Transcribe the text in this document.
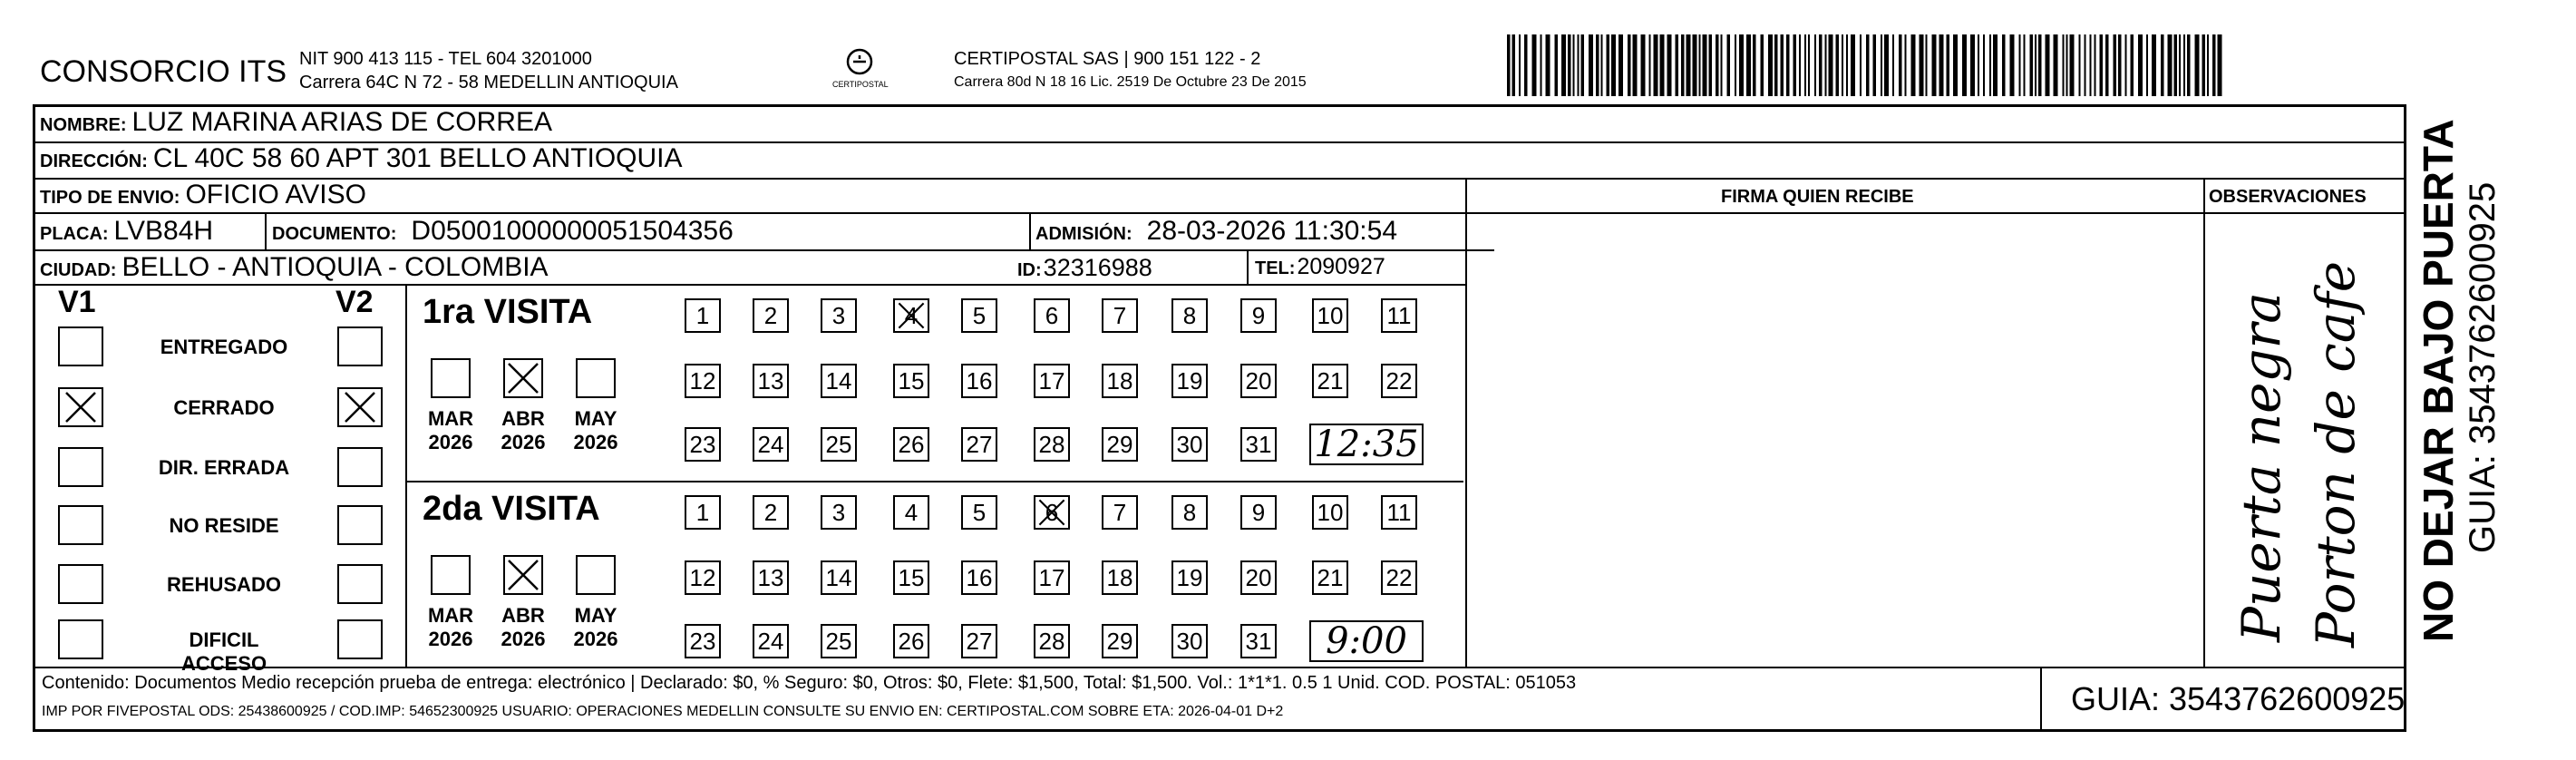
CONSORCIO ITS NIT 900 413 115 - TEL 604 3201000
Carrera 64C N 72 - 58 MEDELLIN ANTIOQUIA	CERTIPOSTAL
CERTIPOSTAL SAS | 900 151 122 - 2
Carrera 80d N 18 16 Lic. 2519 De Octubre 23 De 2015
NOMBRE: LUZ MARINA ARIAS DE CORREA
DIRECCIÓN: CL 40C 58 60 APT 301 BELLO ANTIOQUIA
TIPO DE ENVIO: OFICIO AVISO	FIRMA QUIEN RECIBE	OBSERVACIONES
PLACA: LVB84H	DOCUMENTO: D05001000000051504356	ADMISIÓN: 28-03-2026 11:30:54
CIUDAD: BELLO - ANTIOQUIA - COLOMBIA	ID: 32316988	TEL: 2090927
V1	V2
ENTREGADO
CERRADO
DIR. ERRADA
NO RESIDE
REHUSADO
DIFICIL ACCESO
1ra VISITA
MAR
2026
ABR
2026
MAY
2026
1 2 3	4 5	6 7 8 9 10 11
12 13 14 15 16 17 18 19 20 21 22
23 24 25 26 27 28 29 30 31 12:35
2da VISITA
MAR
2026
ABR
2026
MAY
2026
1 2 3	4 5	6 7 8 9 10 11
12 13 14 15 16 17 18 19 20 21 22
23 24 25 26 27 28 29 30 31 9:00	Puerta negra Porton de cafe NO DEJAR BAJO PUERTA GUIA: 3543762600925
Contenido: Documentos Medio recepción prueba de entrega: electrónico | Declarado: $0, % Seguro: $0, Otros: $0, Flete: $1,500, Total: $1,500. Vol.: 1*1*1. 0.5 1 Unid. COD. POSTAL: 051053
IMP POR FIVEPOSTAL ODS: 25438600925 / COD.IMP: 54652300925 USUARIO: OPERACIONES MEDELLIN CONSULTE SU ENVIO EN: CERTIPOSTAL.COM SOBRE ETA: 2026-04-01 D+2	GUIA: 3543762600925
